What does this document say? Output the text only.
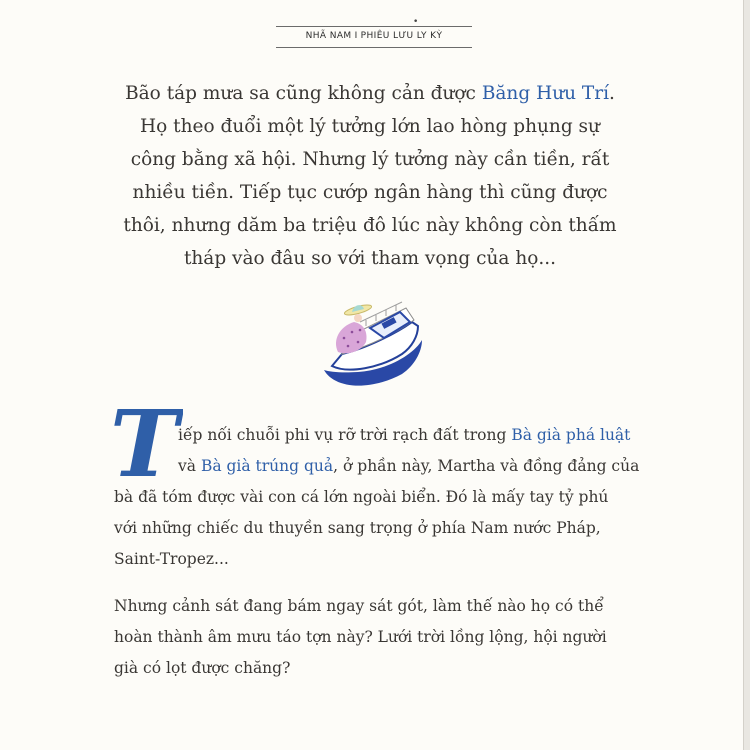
•
NHÃ NAM I PHIÊU LƯU LY KỲ
Bão táp mưa sa cũng không cản được Băng Hưu Trí.
Họ theo đuổi một lý tưởng lớn lao hòng phụng sự
công bằng xã hội. Nhưng lý tưởng này cần tiền, rất
nhiều tiền. Tiếp tục cướp ngân hàng thì cũng được
thôi, nhưng dăm ba triệu đô lúc này không còn thấm
tháp vào đâu so với tham vọng của họ...
T iếp nối chuỗi phi vụ rỡ trời rạch đất trong Bà già phá luật
và Bà già trúng quả, ở phần này, Martha và đồng đảng của
bà đã tóm được vài con cá lớn ngoài biển. Đó là mấy tay tỷ phú
với những chiếc du thuyền sang trọng ở phía Nam nước Pháp,
Saint-Tropez...
Nhưng cảnh sát đang bám ngay sát gót, làm thế nào họ có thể
hoàn thành âm mưu táo tợn này? Lưới trời lồng lộng, hội người
già có lọt được chăng?
